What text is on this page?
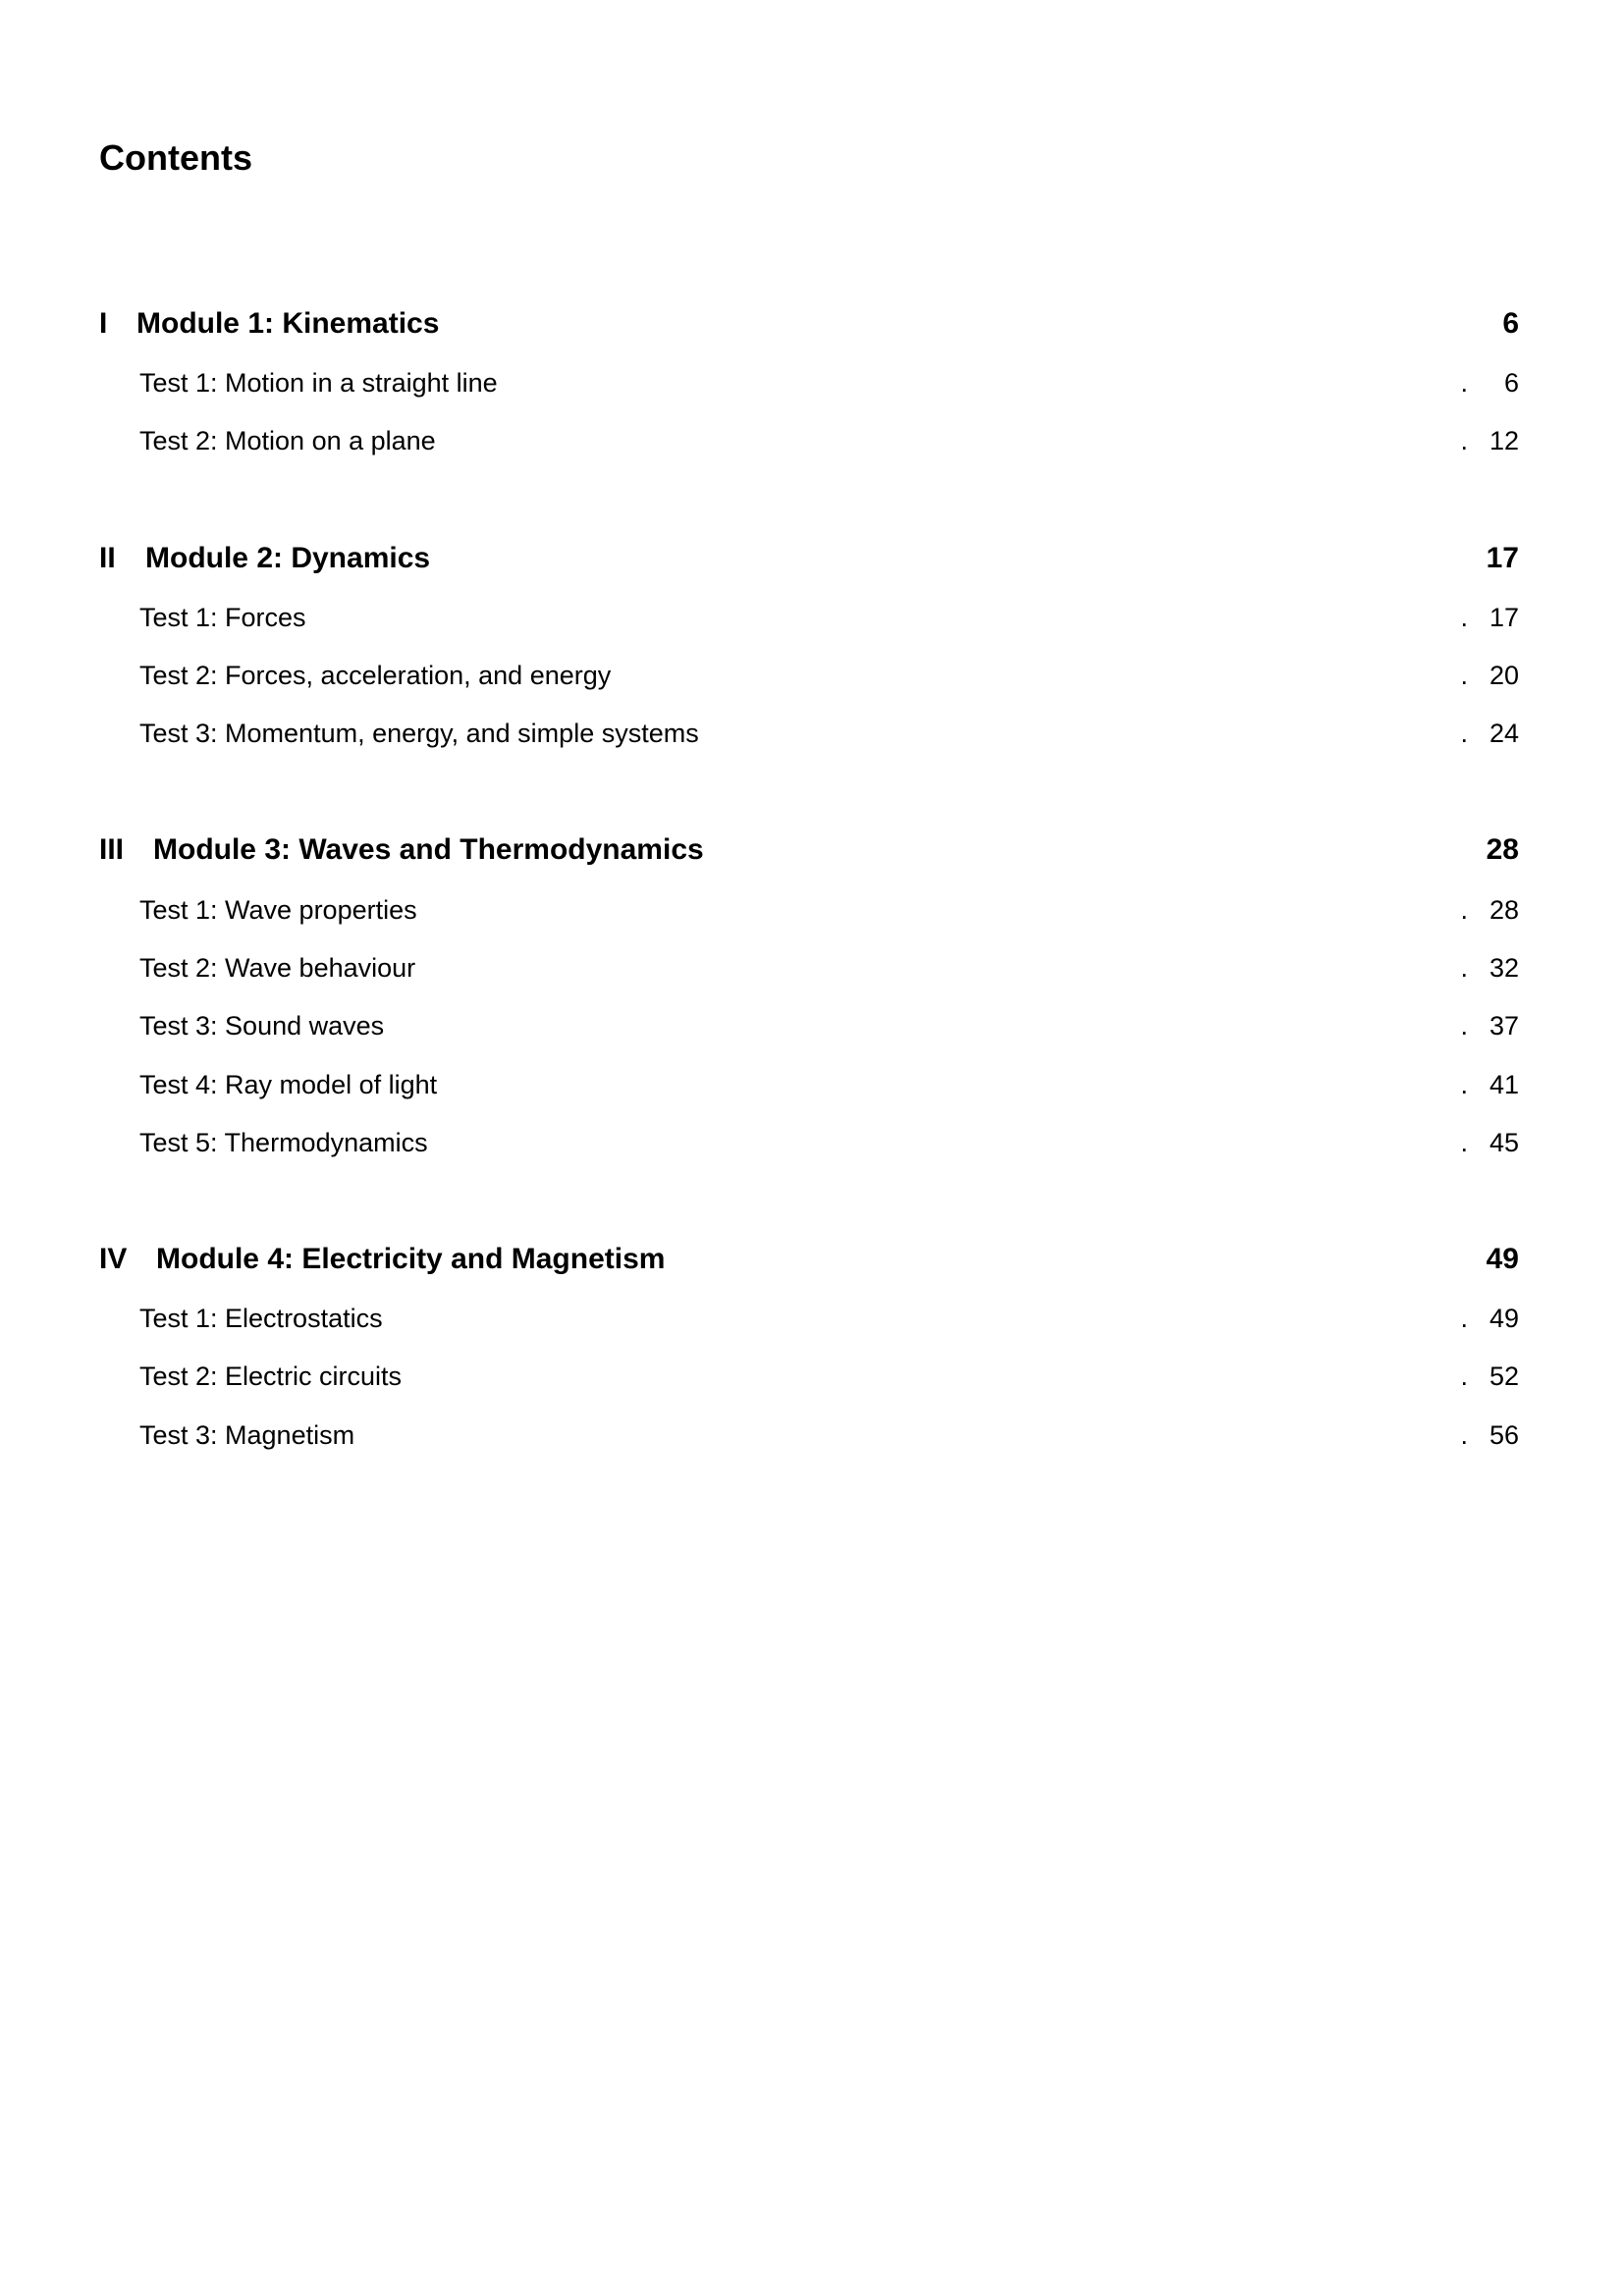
Contents
I Module 1: Kinematics	6
Test 1: Motion in a straight line	. 6
Test 2: Motion on a plane	. 12
II Module 2: Dynamics	17
Test 1: Forces	. 17
Test 2: Forces, acceleration, and energy	. 20
Test 3: Momentum, energy, and simple systems	. 24
III Module 3: Waves and Thermodynamics	28
Test 1: Wave properties	. 28
Test 2: Wave behaviour	. 32
Test 3: Sound waves	. 37
Test 4: Ray model of light	. 41
Test 5: Thermodynamics	. 45
IV Module 4: Electricity and Magnetism	49
Test 1: Electrostatics	. 49
Test 2: Electric circuits	. 52
Test 3: Magnetism	. 56
